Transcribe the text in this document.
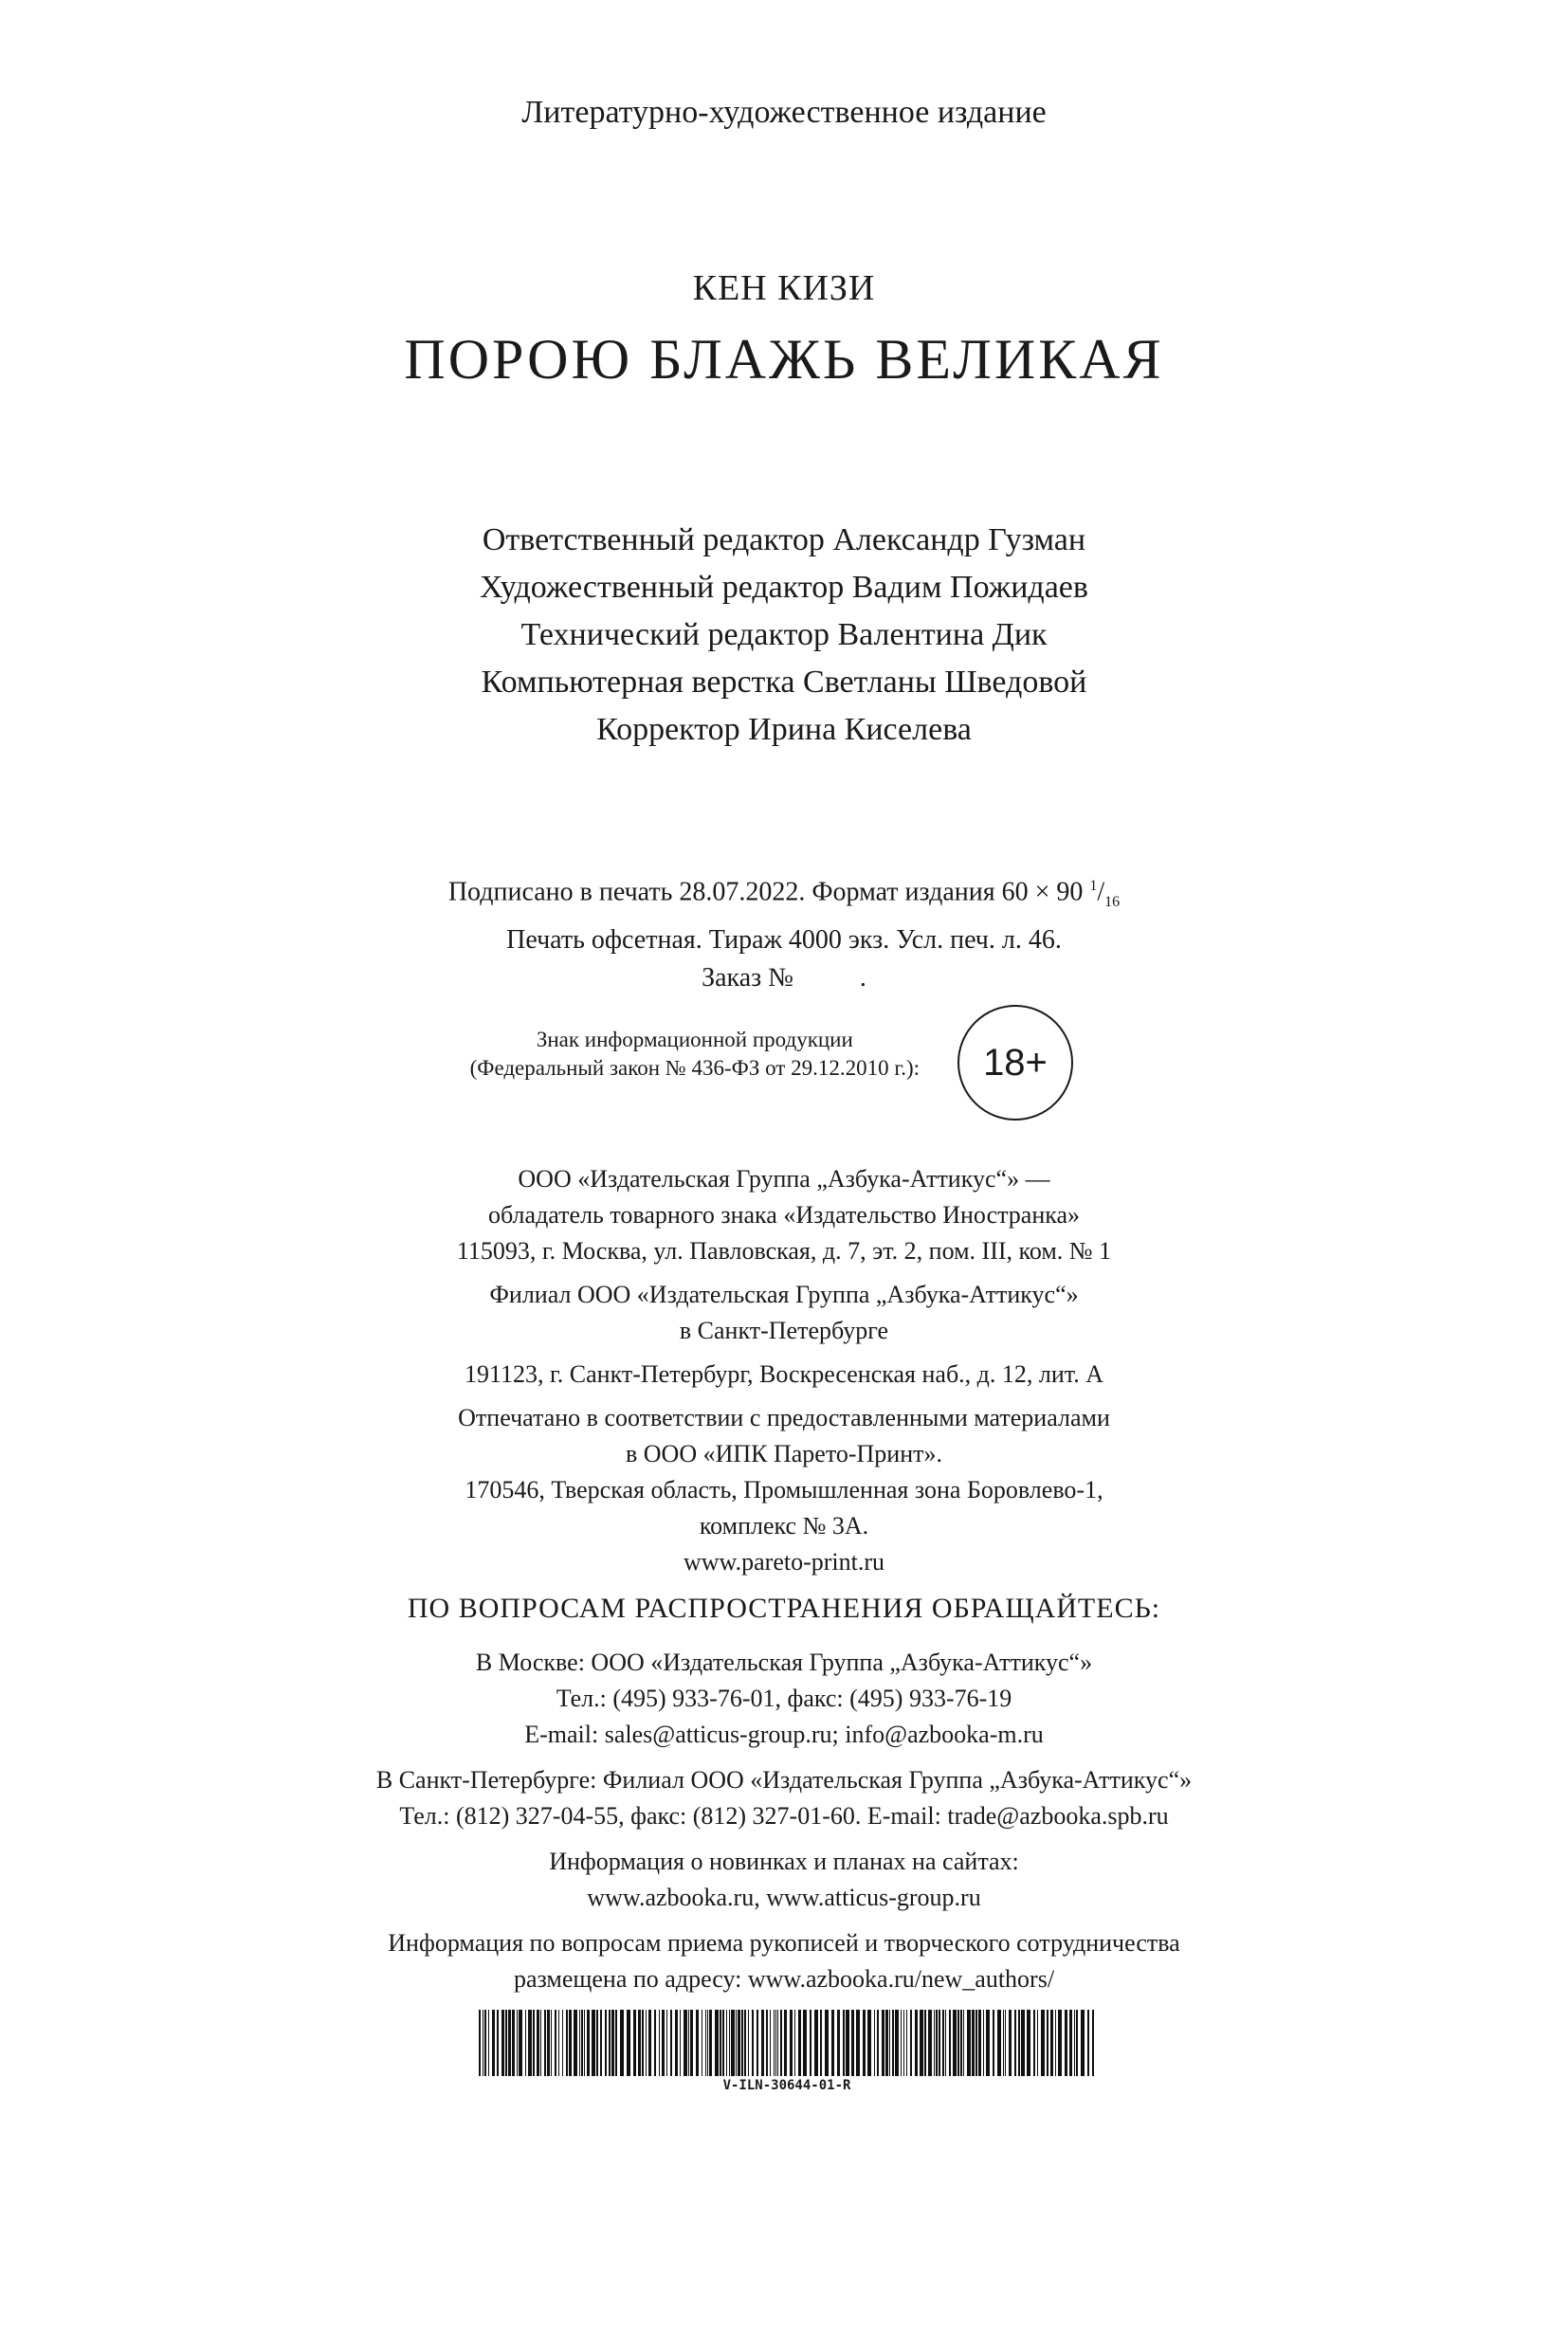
Литературно-художественное издание
КЕН КИЗИ
ПОРОЮ БЛАЖЬ ВЕЛИКАЯ
Ответственный редактор Александр Гузман
Художественный редактор Вадим Пожидаев
Технический редактор Валентина Дик
Компьютерная верстка Светланы Шведовой
Корректор Ирина Киселева
Подписано в печать 28.07.2022. Формат издания 60 × 90 $^1/_{16}$
Печать офсетная. Тираж 4000 экз. Усл. печ. л. 46.
Заказ №          .
Знак информационной продукции
(Федеральный закон № 436-ФЗ от 29.12.2010 г.):	18+
ООО «Издательская Группа „Азбука-Аттикус“» —
обладатель товарного знака «Издательство Иностранка»
115093, г. Москва, ул. Павловская, д. 7, эт. 2, пом. III, ком. № 1
Филиал ООО «Издательская Группа „Азбука-Аттикус“»
в Санкт-Петербурге
191123, г. Санкт-Петербург, Воскресенская наб., д. 12, лит. А
Отпечатано в соответствии с предоставленными материалами
в ООО «ИПК Парето-Принт».
170546, Тверская область, Промышленная зона Боровлево-1,
комплекс № 3А.
www.pareto-print.ru
ПО ВОПРОСАМ РАСПРОСТРАНЕНИЯ ОБРАЩАЙТЕСЬ:
В Москве: ООО «Издательская Группа „Азбука-Аттикус“»
Тел.: (495) 933-76-01, факс: (495) 933-76-19
E-mail: sales@atticus-group.ru; info@azbooka-m.ru
В Санкт-Петербурге: Филиал ООО «Издательская Группа „Азбука-Аттикус“»
Тел.: (812) 327-04-55, факс: (812) 327-01-60. E-mail: trade@azbooka.spb.ru
Информация о новинках и планах на сайтах:
www.azbooka.ru, www.atticus-group.ru
Информация по вопросам приема рукописей и творческого сотрудничества
размещена по адресу: www.azbooka.ru/new_authors/
V-ILN-30644-01-R
